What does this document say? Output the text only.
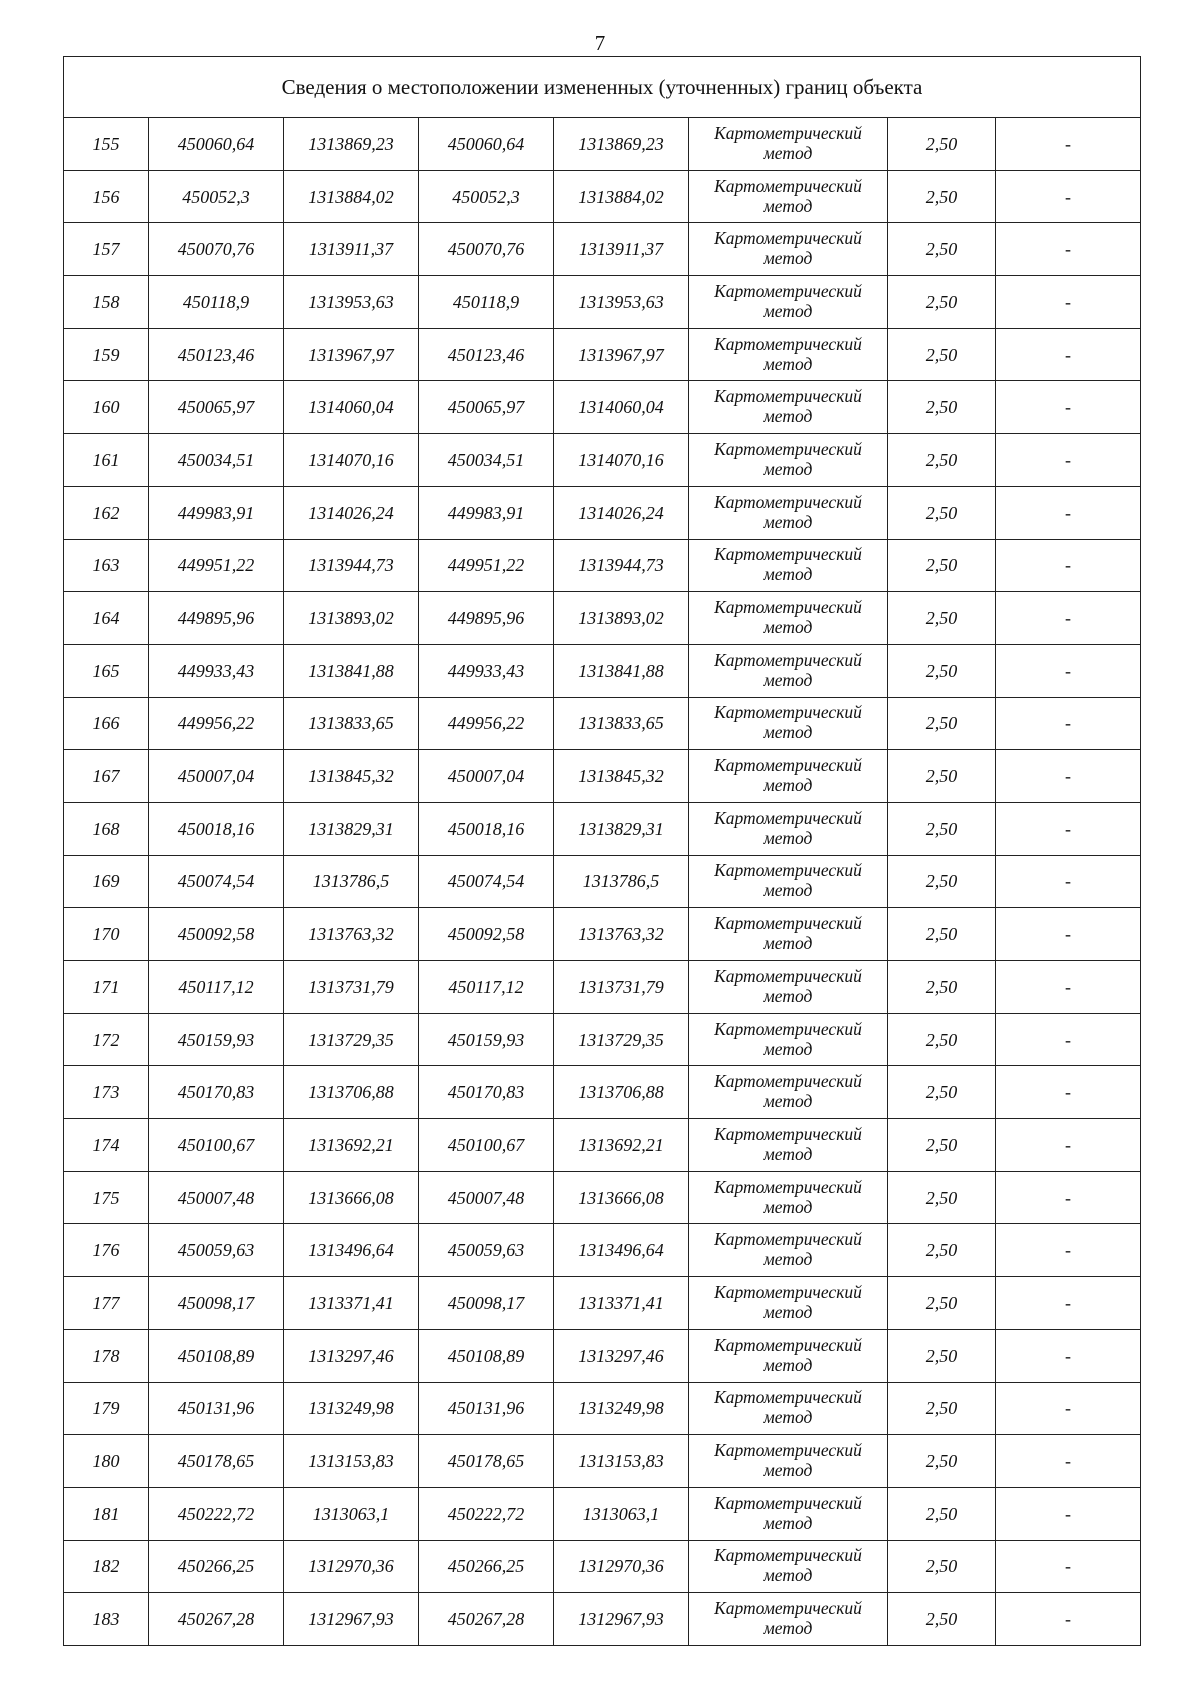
7
Сведения о местоположении измененных (уточненных) границ объекта							
155	450060,64	1313869,23	450060,64	1313869,23	Картометрический
метод	2,50	-
156	450052,3	1313884,02	450052,3	1313884,02	Картометрический
метод	2,50	-
157	450070,76	1313911,37	450070,76	1313911,37	Картометрический
метод	2,50	-
158	450118,9	1313953,63	450118,9	1313953,63	Картометрический
метод	2,50	-
159	450123,46	1313967,97	450123,46	1313967,97	Картометрический
метод	2,50	-
160	450065,97	1314060,04	450065,97	1314060,04	Картометрический
метод	2,50	-
161	450034,51	1314070,16	450034,51	1314070,16	Картометрический
метод	2,50	-
162	449983,91	1314026,24	449983,91	1314026,24	Картометрический
метод	2,50	-
163	449951,22	1313944,73	449951,22	1313944,73	Картометрический
метод	2,50	-
164	449895,96	1313893,02	449895,96	1313893,02	Картометрический
метод	2,50	-
165	449933,43	1313841,88	449933,43	1313841,88	Картометрический
метод	2,50	-
166	449956,22	1313833,65	449956,22	1313833,65	Картометрический
метод	2,50	-
167	450007,04	1313845,32	450007,04	1313845,32	Картометрический
метод	2,50	-
168	450018,16	1313829,31	450018,16	1313829,31	Картометрический
метод	2,50	-
169	450074,54	1313786,5	450074,54	1313786,5	Картометрический
метод	2,50	-
170	450092,58	1313763,32	450092,58	1313763,32	Картометрический
метод	2,50	-
171	450117,12	1313731,79	450117,12	1313731,79	Картометрический
метод	2,50	-
172	450159,93	1313729,35	450159,93	1313729,35	Картометрический
метод	2,50	-
173	450170,83	1313706,88	450170,83	1313706,88	Картометрический
метод	2,50	-
174	450100,67	1313692,21	450100,67	1313692,21	Картометрический
метод	2,50	-
175	450007,48	1313666,08	450007,48	1313666,08	Картометрический
метод	2,50	-
176	450059,63	1313496,64	450059,63	1313496,64	Картометрический
метод	2,50	-
177	450098,17	1313371,41	450098,17	1313371,41	Картометрический
метод	2,50	-
178	450108,89	1313297,46	450108,89	1313297,46	Картометрический
метод	2,50	-
179	450131,96	1313249,98	450131,96	1313249,98	Картометрический
метод	2,50	-
180	450178,65	1313153,83	450178,65	1313153,83	Картометрический
метод	2,50	-
181	450222,72	1313063,1	450222,72	1313063,1	Картометрический
метод	2,50	-
182	450266,25	1312970,36	450266,25	1312970,36	Картометрический
метод	2,50	-
183	450267,28	1312967,93	450267,28	1312967,93	Картометрический
метод	2,50	-
